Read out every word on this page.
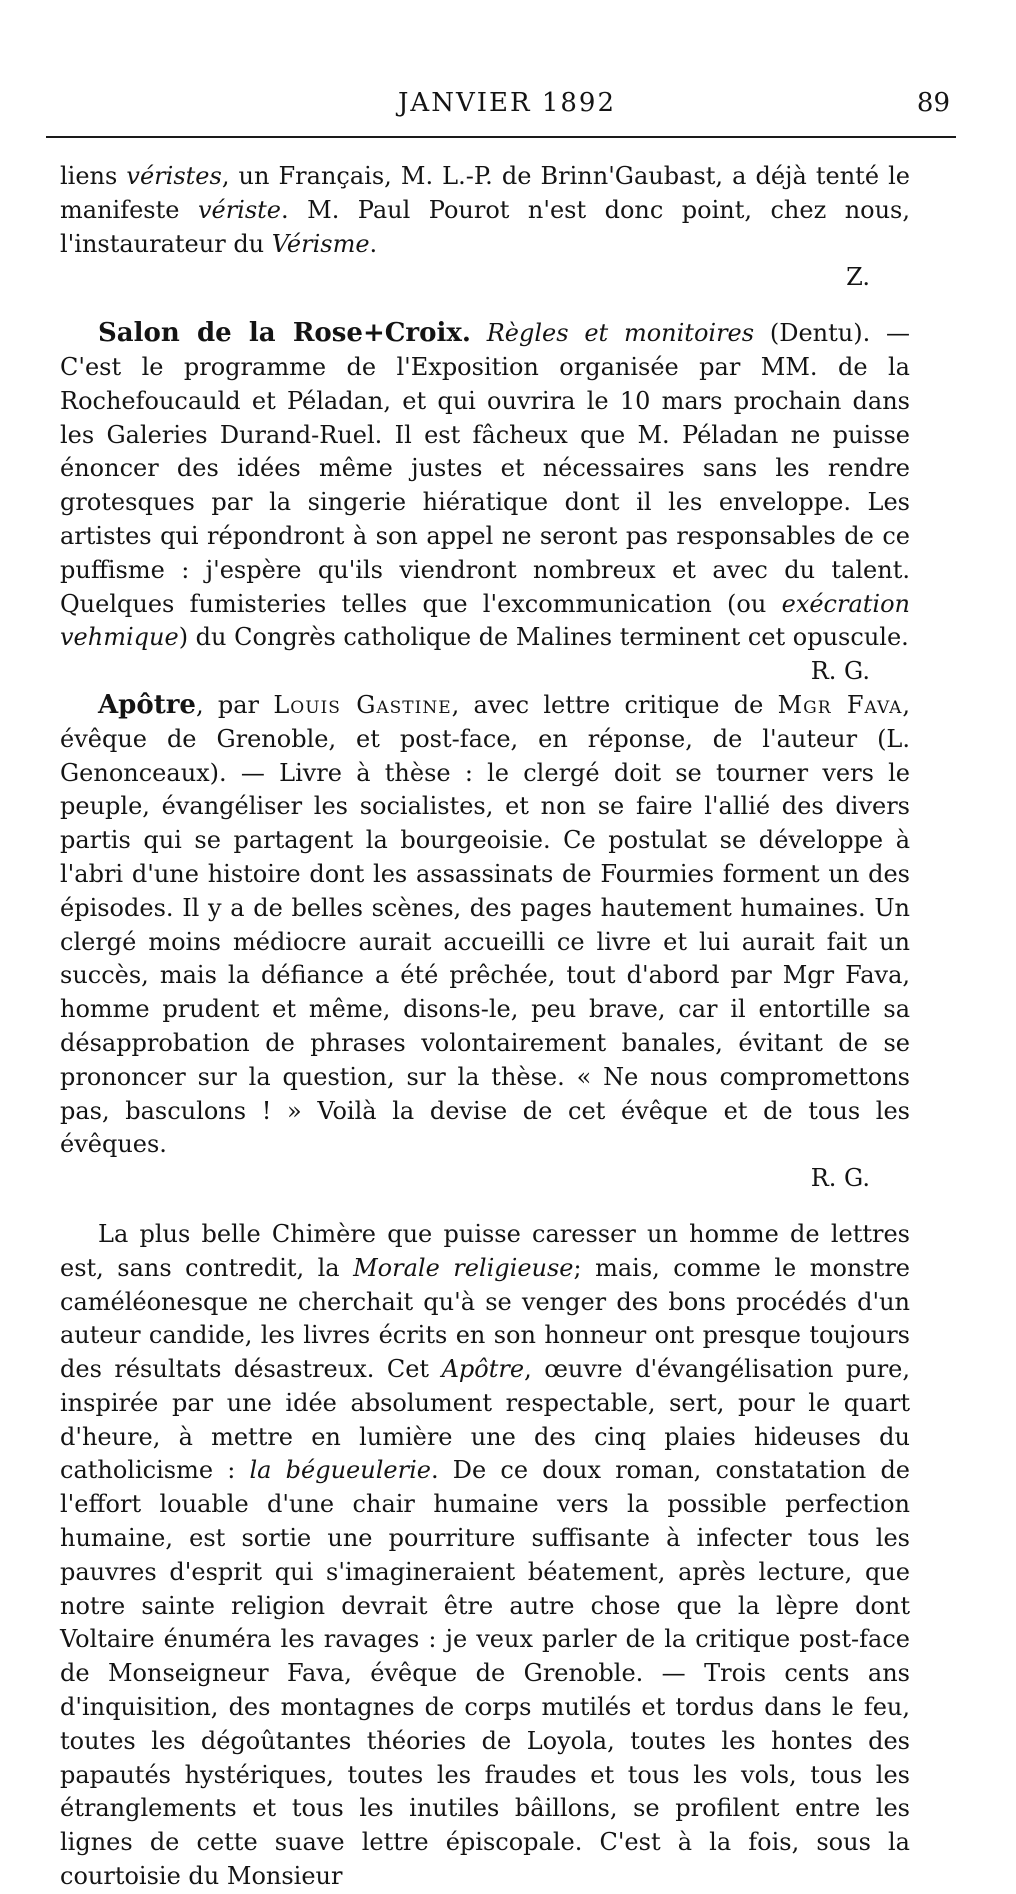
JANVIER 1892	89

liens véristes, un Français, M. L.-P. de Brinn'Gaubast, a déjà tenté le manifeste vériste. M. Paul Pourot n'est donc point, chez nous, l'instaurateur du Vérisme.

Z.

Salon de la Rose+Croix. Règles et monitoires (Dentu). — C'est le programme de l'Exposition organisée par MM. de la Rochefoucauld et Péladan, et qui ouvrira le 10 mars prochain dans les Galeries Durand-Ruel. Il est fâcheux que M. Péladan ne puisse énoncer des idées même justes et nécessaires sans les rendre grotesques par la singerie hiératique dont il les enveloppe. Les artistes qui répondront à son appel ne seront pas responsables de ce puffisme : j'espère qu'ils viendront nombreux et avec du talent. Quelques fumisteries telles que l'excommunication (ou exécration vehmique) du Congrès catholique de Malines terminent cet opuscule.

R. G.

Apôtre, par Louis Gastine, avec lettre critique de Mgr Fava, évêque de Grenoble, et post-face, en réponse, de l'auteur (L. Genonceaux). — Livre à thèse : le clergé doit se tourner vers le peuple, évangéliser les socialistes, et non se faire l'allié des divers partis qui se partagent la bourgeoisie. Ce postulat se développe à l'abri d'une histoire dont les assassinats de Fourmies forment un des épisodes. Il y a de belles scènes, des pages hautement humaines. Un clergé moins médiocre aurait accueilli ce livre et lui aurait fait un succès, mais la défiance a été prêchée, tout d'abord par Mgr Fava, homme prudent et même, disons-le, peu brave, car il entortille sa désapprobation de phrases volontairement banales, évitant de se prononcer sur la question, sur la thèse. « Ne nous compromettons pas, basculons ! » Voilà la devise de cet évêque et de tous les évêques.

R. G.

La plus belle Chimère que puisse caresser un homme de lettres est, sans contredit, la Morale religieuse; mais, comme le monstre caméléonesque ne cherchait qu'à se venger des bons procédés d'un auteur candide, les livres écrits en son honneur ont presque toujours des résultats désastreux. Cet Apôtre, œuvre d'évangélisation pure, inspirée par une idée absolument respectable, sert, pour le quart d'heure, à mettre en lumière une des cinq plaies hideuses du catholicisme : la bégueulerie. De ce doux roman, constatation de l'effort louable d'une chair humaine vers la possible perfection humaine, est sortie une pourriture suffisante à infecter tous les pauvres d'esprit qui s'imagineraient béatement, après lecture, que notre sainte religion devrait être autre chose que la lèpre dont Voltaire énuméra les ravages : je veux parler de la critique post-face de Monseigneur Fava, évêque de Grenoble. — Trois cents ans d'inquisition, des montagnes de corps mutilés et tordus dans le feu, toutes les dégoûtantes théories de Loyola, toutes les hontes des papautés hystériques, toutes les fraudes et tous les vols, tous les étranglements et tous les inutiles bâillons, se profilent entre les lignes de cette suave lettre épiscopale. C'est à la fois, sous la courtoisie du Monsieur
